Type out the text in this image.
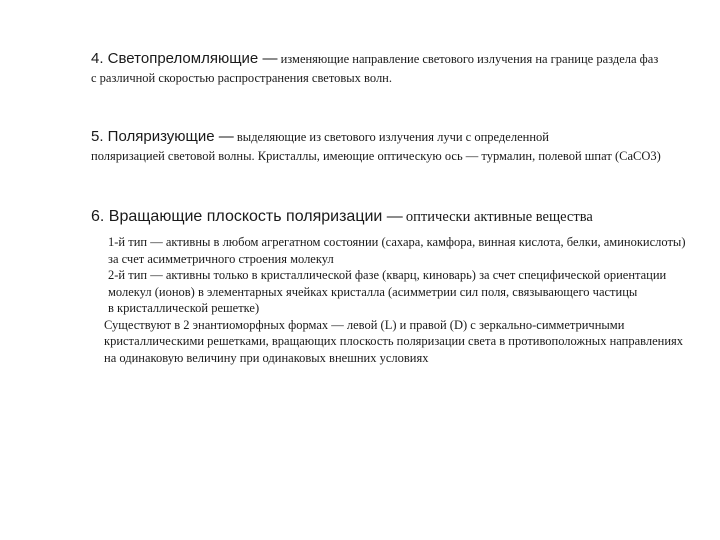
4. Светопреломляющие — изменяющие направление светового излучения на границе раздела фаз
с различной скоростью распространения световых волн.
5. Поляризующие — выделяющие из светового излучения лучи с определенной
поляризацией световой волны. Кристаллы, имеющие оптическую ось — турмалин, полевой шпат (CaCO3)
6. Вращающие плоскость поляризации — оптически активные вещества
1-й тип — активны в любом агрегатном состоянии (сахара, камфора, винная кислота, белки, аминокислоты)
за счет асимметричного строения молекул
2-й тип — активны только в кристаллической фазе (кварц, киноварь) за счет специфической ориентации
молекул (ионов) в элементарных ячейках кристалла (асимметрии сил поля, связывающего частицы
в кристаллической решетке)
Существуют в 2 энантиоморфных формах — левой (L) и правой (D) с зеркально-симметричными
кристаллическими решетками, вращающих плоскость поляризации света в противоположных направлениях
на одинаковую величину при одинаковых внешних условиях
